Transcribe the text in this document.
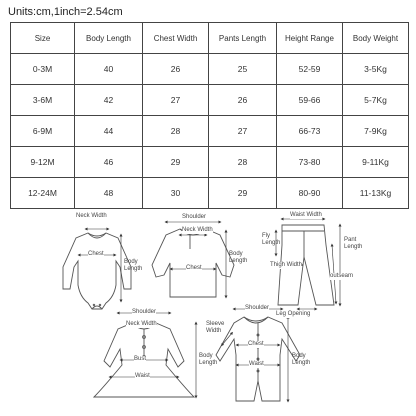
Units:cm,1inch=2.54cm
Size	Body Length	Chest Width	Pants Length	Height Range	Body Weight
0-3M	40	26	25	52-59	3-5Kg
3-6M	42	27	26	59-66	5-7Kg
6-9M	44	28	27	66-73	7-9Kg
9-12M	46	29	28	73-80	9-11Kg
12-24M	48	30	29	80-90	11-13Kg
Neck Width
Chest
Body Length
Shoulder
Neck Width
Chest
Body Length
Waist Width
Fly Length
Thigh Width
Leg Opening
Pant Length
outseam
Shoulder
Neck Width
Bust
Waist
Body Length
Shoulder
Sleeve Width
Chest
Waist
Body Length
